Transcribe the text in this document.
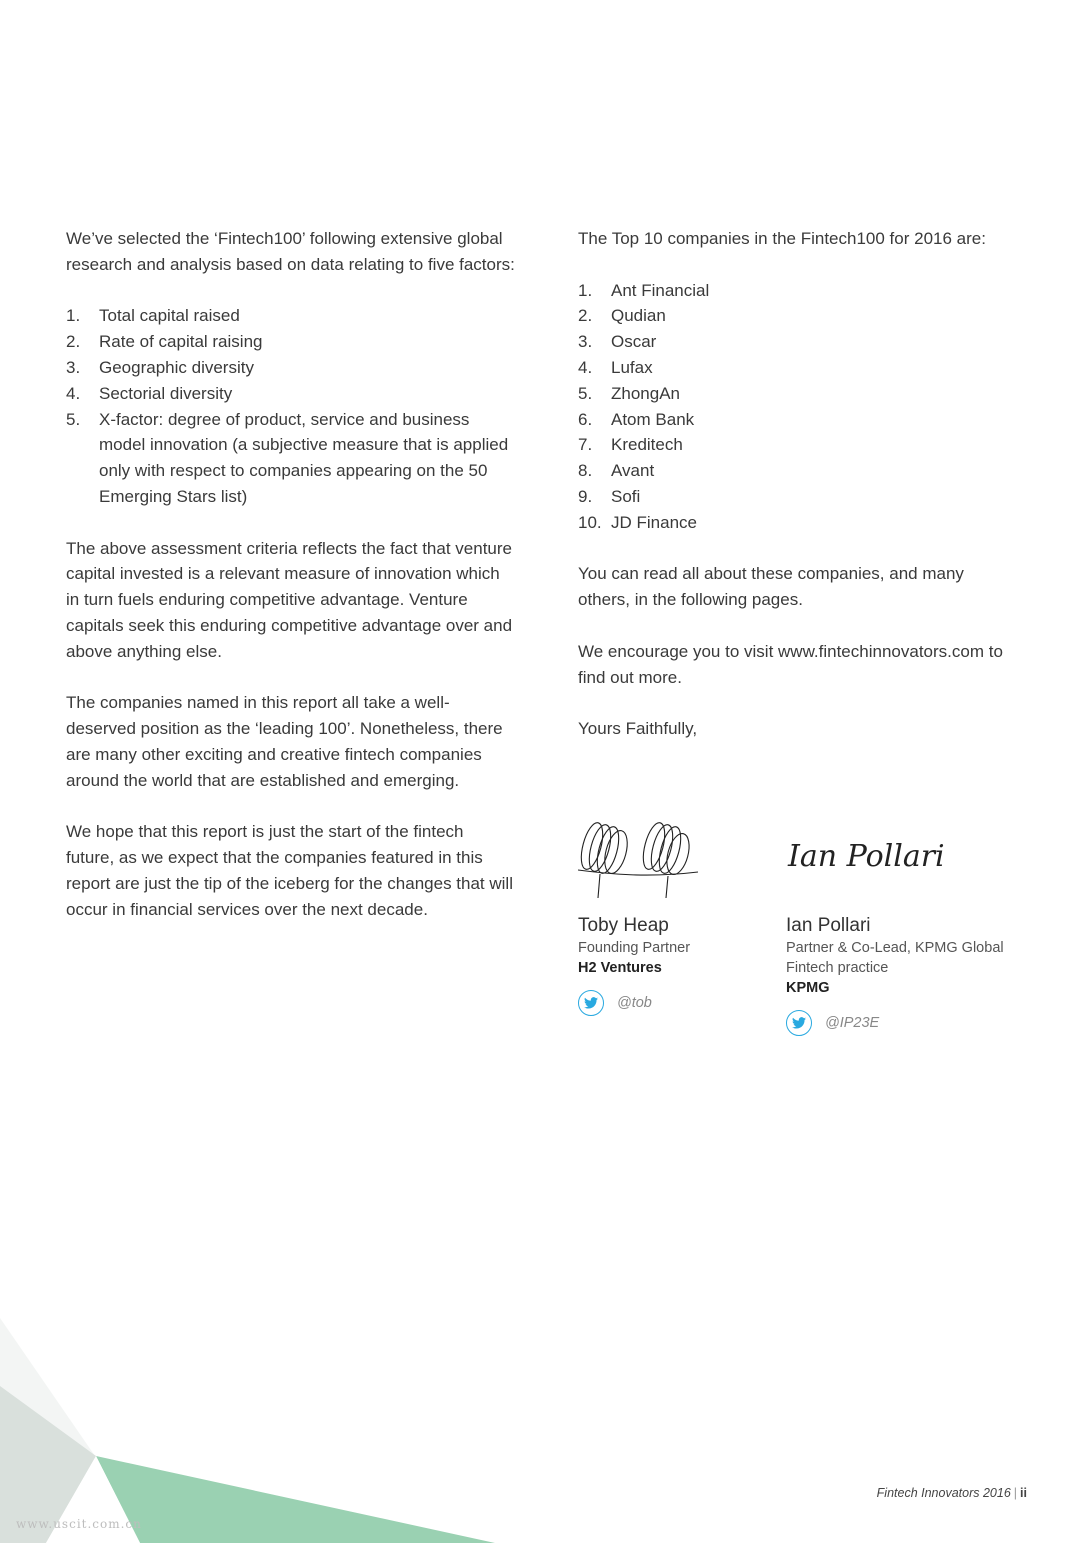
We’ve selected the ‘Fintech100’ following extensive global research and analysis based on data relating to five factors:

1. Total capital raised
2. Rate of capital raising
3. Geographic diversity
4. Sectorial diversity
5. X-factor: degree of product, service and business model innovation (a subjective measure that is applied only with respect to companies appearing on the 50 Emerging Stars list)

The above assessment criteria reflects the fact that venture capital invested is a relevant measure of innovation which in turn fuels enduring competitive advantage. Venture capitals seek this enduring competitive advantage over and above anything else.

The companies named in this report all take a well-deserved position as the ‘leading 100’. Nonetheless, there are many other exciting and creative fintech companies around the world that are established and emerging.

We hope that this report is just the start of the fintech future, as we expect that the companies featured in this report are just the tip of the iceberg for the changes that will occur in financial services over the next decade.

The Top 10 companies in the Fintech100 for 2016 are:

1. Ant Financial
2. Qudian
3. Oscar
4. Lufax
5. ZhongAn
6. Atom Bank
7. Kreditech
8. Avant
9. Sofi
10. JD Finance

You can read all about these companies, and many others, in the following pages.

We encourage you to visit www.fintechinnovators.com to find out more.

Yours Faithfully,

Toby Heap
Founding Partner
H2 Ventures
@tob
Ian Pollari
Ian Pollari
Partner & Co-Lead, KPMG Global Fintech practice
KPMG
@IP23E
Fintech Innovators 2016 | ii
www.uscit.com.cn
